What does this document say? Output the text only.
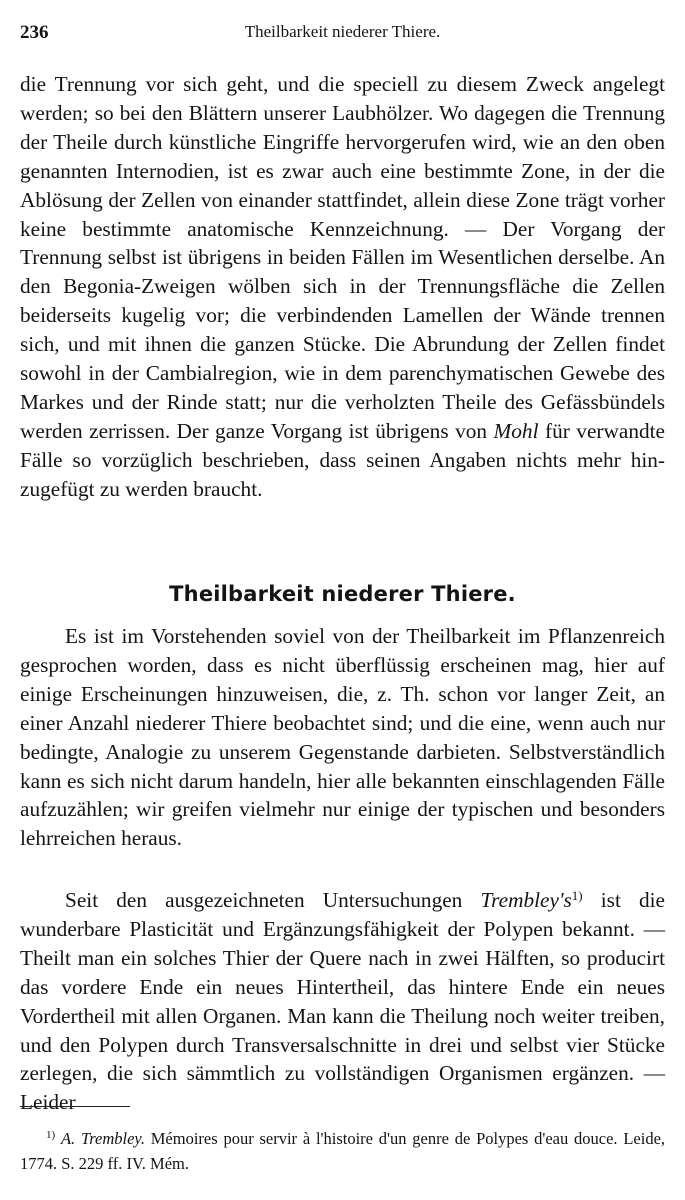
236	Theilbarkeit niederer Thiere.

die Trennung vor sich geht, und die speciell zu diesem Zweck angelegt werden; so bei den Blättern unserer Laubhölzer. Wo dagegen die Trennung der Theile durch künstliche Eingriffe hervorgerufen wird, wie an den oben genannten Internodien, ist es zwar auch eine bestimmte Zone, in der die Ablösung der Zellen von einander stattfindet, allein diese Zone trägt vorher keine bestimmte anatomische Kennzeichnung. — Der Vorgang der Trennung selbst ist übrigens in beiden Fällen im Wesentlichen derselbe. An den Begonia-Zweigen wölben sich in der Trennungsfläche die Zellen beiderseits kugelig vor; die verbindenden Lamellen der Wände trennen sich, und mit ihnen die ganzen Stücke. Die Abrundung der Zellen findet sowohl in der Cambialregion, wie in dem parenchymatischen Gewebe des Markes und der Rinde statt; nur die verholzten Theile des Gefässbündels werden zerrissen. Der ganze Vorgang ist übrigens von Mohl für verwandte Fälle so vorzüglich beschrieben, dass seinen Angaben nichts mehr hinzugefügt zu werden braucht.

Theilbarkeit niederer Thiere.

Es ist im Vorstehenden soviel von der Theilbarkeit im Pflanzenreich gesprochen worden, dass es nicht überflüssig erscheinen mag, hier auf einige Erscheinungen hinzuweisen, die, z. Th. schon vor langer Zeit, an einer Anzahl niederer Thiere beobachtet sind; und die eine, wenn auch nur bedingte, Analogie zu unserem Gegenstande darbieten. Selbstverständlich kann es sich nicht darum handeln, hier alle bekannten einschlagenden Fälle aufzuzählen; wir greifen vielmehr nur einige der typischen und besonders lehrreichen heraus.

Seit den ausgezeichneten Untersuchungen Trembley's$^{1)}$ ist die wunderbare Plasticität und Ergänzungsfähigkeit der Polypen bekannt. — Theilt man ein solches Thier der Quere nach in zwei Hälften, so producirt das vordere Ende ein neues Hintertheil, das hintere Ende ein neues Vordertheil mit allen Organen. Man kann die Theilung noch weiter treiben, und den Polypen durch Transversalschnitte in drei und selbst vier Stücke zerlegen, die sich sämmtlich zu vollständigen Organismen ergänzen. — Leider

$^{1)}$ A. Trembley. Mémoires pour servir à l'histoire d'un genre de Polypes d'eau douce. Leide, 1774. S. 229 ff. IV. Mém.
